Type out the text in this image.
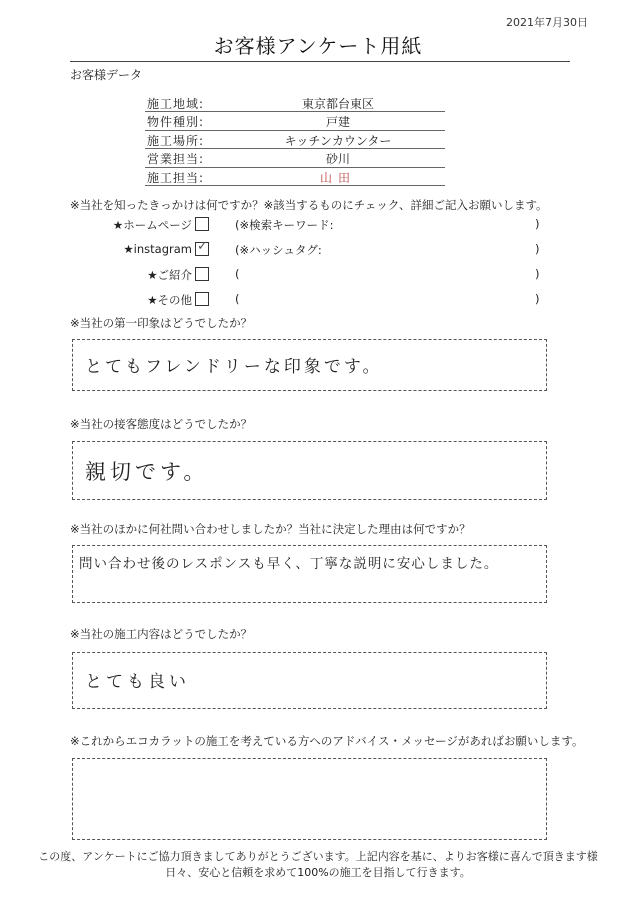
2021年7月30日
お客様アンケート用紙
お客様データ
施工地域:	東京都台東区
物件種別:	戸建
施工場所:	キッチンカウンター
営業担当:	砂川
施工担当:	山田
※当社を知ったきっかけは何ですか？※該当するものにチェック、詳細ご記入お願いします。
★ホームページ	(※検索キーワード:	)
★instagram ✓ (※ハッシュタグ:	)
★ご紹介	(	)
★その他	(	)
※当社の第一印象はどうでしたか？
とてもフレンドリーな印象です。
※当社の接客態度はどうでしたか？
親切です。
※当社のほかに何社問い合わせしましたか？当社に決定した理由は何ですか？
問い合わせ後のレスポンスも早く、丁寧な説明に安心しました。
※当社の施工内容はどうでしたか？
とても良い
※これからエコカラットの施工を考えている方へのアドバイス・メッセージがあればお願いします。
この度、アンケートにご協力頂きましてありがとうございます。上記内容を基に、よりお客様に喜んで頂きます様
日々、安心と信頼を求めて100%の施工を目指して行きます。
